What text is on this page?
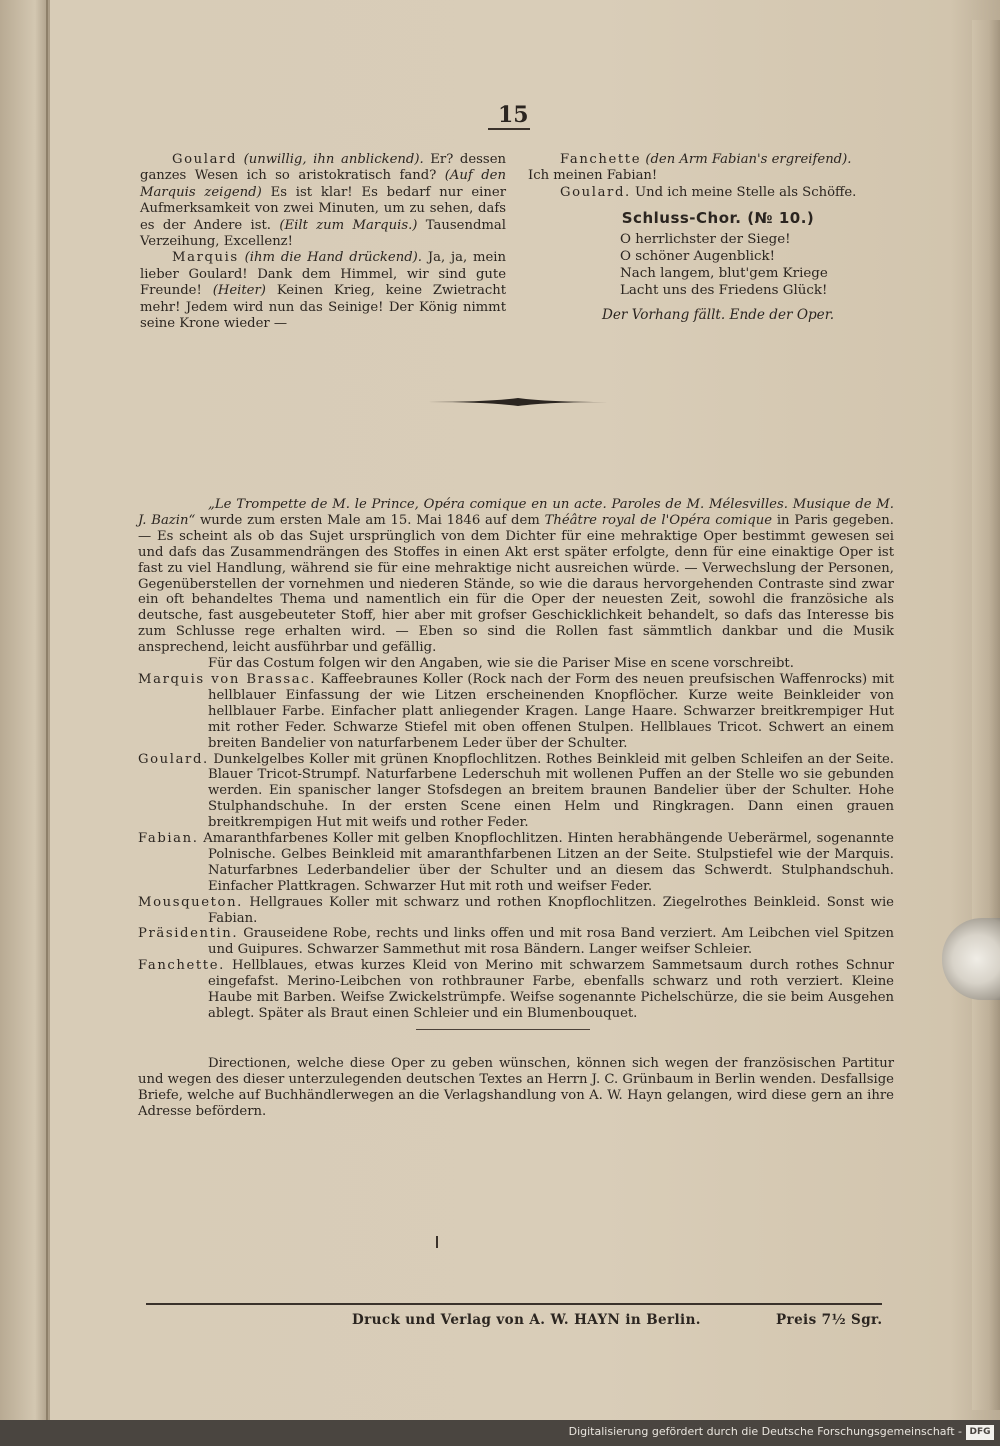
15

Goulard (unwillig, ihn anblickend). Er? dessen ganzes Wesen ich so aristokratisch fand? (Auf den Marquis zeigend) Es ist klar! Es bedarf nur einer Aufmerksamkeit von zwei Minuten, um zu sehen, dafs es der Andere ist. (Eilt zum Marquis.) Tausendmal Verzeihung, Excellenz!

Marquis (ihm die Hand drückend). Ja, ja, mein lieber Goulard! Dank dem Himmel, wir sind gute Freunde! (Heiter) Keinen Krieg, keine Zwietracht mehr! Jedem wird nun das Seinige! Der König nimmt seine Krone wieder —

Fanchette (den Arm Fabian's ergreifend).

Ich meinen Fabian!

Goulard. Und ich meine Stelle als Schöffe.

Schluss-Chor. (№ 10.)
O herrlichster der Siege!
O schöner Augenblick!
Nach langem, blut'gem Kriege
Lacht uns des Friedens Glück!
Der Vorhang fällt. Ende der Oper.

„Le Trompette de M. le Prince, Opéra comique en un acte. Paroles de M. Mélesvilles. Musique de M. J. Bazin“ wurde zum ersten Male am 15. Mai 1846 auf dem Théâtre royal de l'Opéra comique in Paris gegeben. — Es scheint als ob das Sujet ursprünglich von dem Dichter für eine mehraktige Oper bestimmt gewesen sei und dafs das Zusammendrängen des Stoffes in einen Akt erst später erfolgte, denn für eine einaktige Oper ist fast zu viel Handlung, während sie für eine mehraktige nicht ausreichen würde. — Verwechslung der Personen, Gegenüberstellen der vornehmen und niederen Stände, so wie die daraus hervorgehenden Contraste sind zwar ein oft behandeltes Thema und namentlich ein für die Oper der neuesten Zeit, sowohl die französiche als deutsche, fast ausgebeuteter Stoff, hier aber mit grofser Geschicklichkeit behandelt, so dafs das Interesse bis zum Schlusse rege erhalten wird. — Eben so sind die Rollen fast sämmtlich dankbar und die Musik ansprechend, leicht ausführbar und gefällig.

Für das Costum folgen wir den Angaben, wie sie die Pariser Mise en scene vorschreibt.

Marquis von Brassac. Kaffeebraunes Koller (Rock nach der Form des neuen preufsischen Waffenrocks) mit hellblauer Einfassung der wie Litzen erscheinenden Knopflöcher. Kurze weite Beinkleider von hellblauer Farbe. Einfacher platt anliegender Kragen. Lange Haare. Schwarzer breitkrempiger Hut mit rother Feder. Schwarze Stiefel mit oben offenen Stulpen. Hellblaues Tricot. Schwert an einem breiten Bandelier von naturfarbenem Leder über der Schulter.

Goulard. Dunkelgelbes Koller mit grünen Knopflochlitzen. Rothes Beinkleid mit gelben Schleifen an der Seite. Blauer Tricot-Strumpf. Naturfarbene Lederschuh mit wollenen Puffen an der Stelle wo sie gebunden werden. Ein spanischer langer Stofsdegen an breitem braunen Bandelier über der Schulter. Hohe Stulphandschuhe. In der ersten Scene einen Helm und Ringkragen. Dann einen grauen breitkrempigen Hut mit weifs und rother Feder.

Fabian. Amaranthfarbenes Koller mit gelben Knopflochlitzen. Hinten herabhängende Ueberärmel, sogenannte Polnische. Gelbes Beinkleid mit amaranthfarbenen Litzen an der Seite. Stulpstiefel wie der Marquis. Naturfarbnes Lederbandelier über der Schulter und an diesem das Schwerdt. Stulphandschuh. Einfacher Plattkragen. Schwarzer Hut mit roth und weifser Feder.

Mousqueton. Hellgraues Koller mit schwarz und rothen Knopflochlitzen. Ziegelrothes Beinkleid. Sonst wie Fabian.

Präsidentin. Grauseidene Robe, rechts und links offen und mit rosa Band verziert. Am Leibchen viel Spitzen und Guipures. Schwarzer Sammethut mit rosa Bändern. Langer weifser Schleier.

Fanchette. Hellblaues, etwas kurzes Kleid von Merino mit schwarzem Sammetsaum durch rothes Schnur eingefafst. Merino-Leibchen von rothbrauner Farbe, ebenfalls schwarz und roth verziert. Kleine Haube mit Barben. Weifse Zwickelstrümpfe. Weifse sogenannte Pichelschürze, die sie beim Ausgehen ablegt. Später als Braut einen Schleier und ein Blumenbouquet.

Directionen, welche diese Oper zu geben wünschen, können sich wegen der französischen Partitur und wegen des dieser unterzulegenden deutschen Textes an Herrn J. C. Grünbaum in Berlin wenden. Desfallsige Briefe, welche auf Buchhändlerwegen an die Verlagshandlung von A. W. Hayn gelangen, wird diese gern an ihre Adresse befördern.

Druck und Verlag von A. W. HAYN in Berlin.	Preis 7½ Sgr.
Digitalisierung gefördert durch die Deutsche Forschungsgemeinschaft - DFG
